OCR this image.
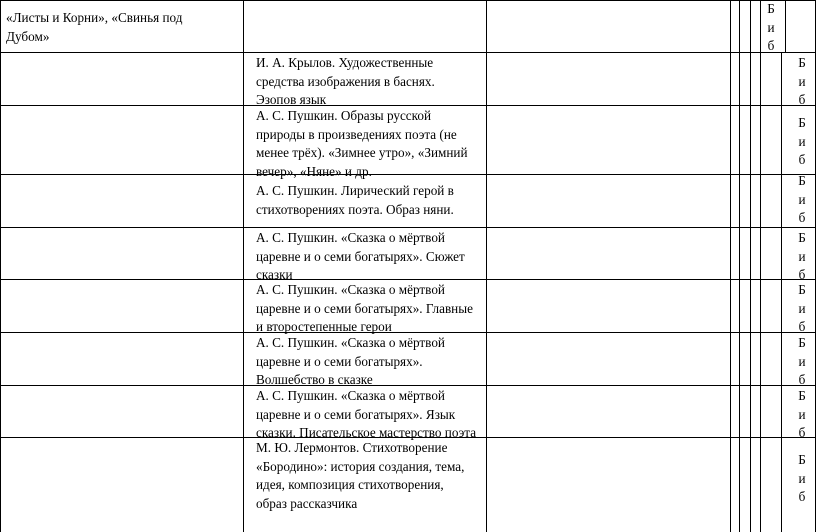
«Листы и Корни», «Свинья под
Дубом»
Б
и
б
И. А. Крылов. Художественные
средства изображения в баснях.
Эзопов язык
Б
и
б
А. С. Пушкин. Образы русской
природы в произведениях поэта (не
менее трёх). «Зимнее утро», «Зимний
вечер», «Няне» и др.
Б
и
б
А. С. Пушкин. Лирический герой в
стихотворениях поэта. Образ няни.
Б
и
б
А. С. Пушкин. «Сказка о мёртвой
царевне и о семи богатырях». Сюжет
сказки
Б
и
б
А. С. Пушкин. «Сказка о мёртвой
царевне и о семи богатырях». Главные
и второстепенные герои
Б
и
б
А. С. Пушкин. «Сказка о мёртвой
царевне и о семи богатырях».
Волшебство в сказке
Б
и
б
А. С. Пушкин. «Сказка о мёртвой
царевне и о семи богатырях». Язык
сказки. Писательское мастерство поэта
Б
и
б
М. Ю. Лермонтов. Стихотворение
«Бородино»: история создания, тема,
идея, композиция стихотворения,
образ рассказчика
Б
и
б
